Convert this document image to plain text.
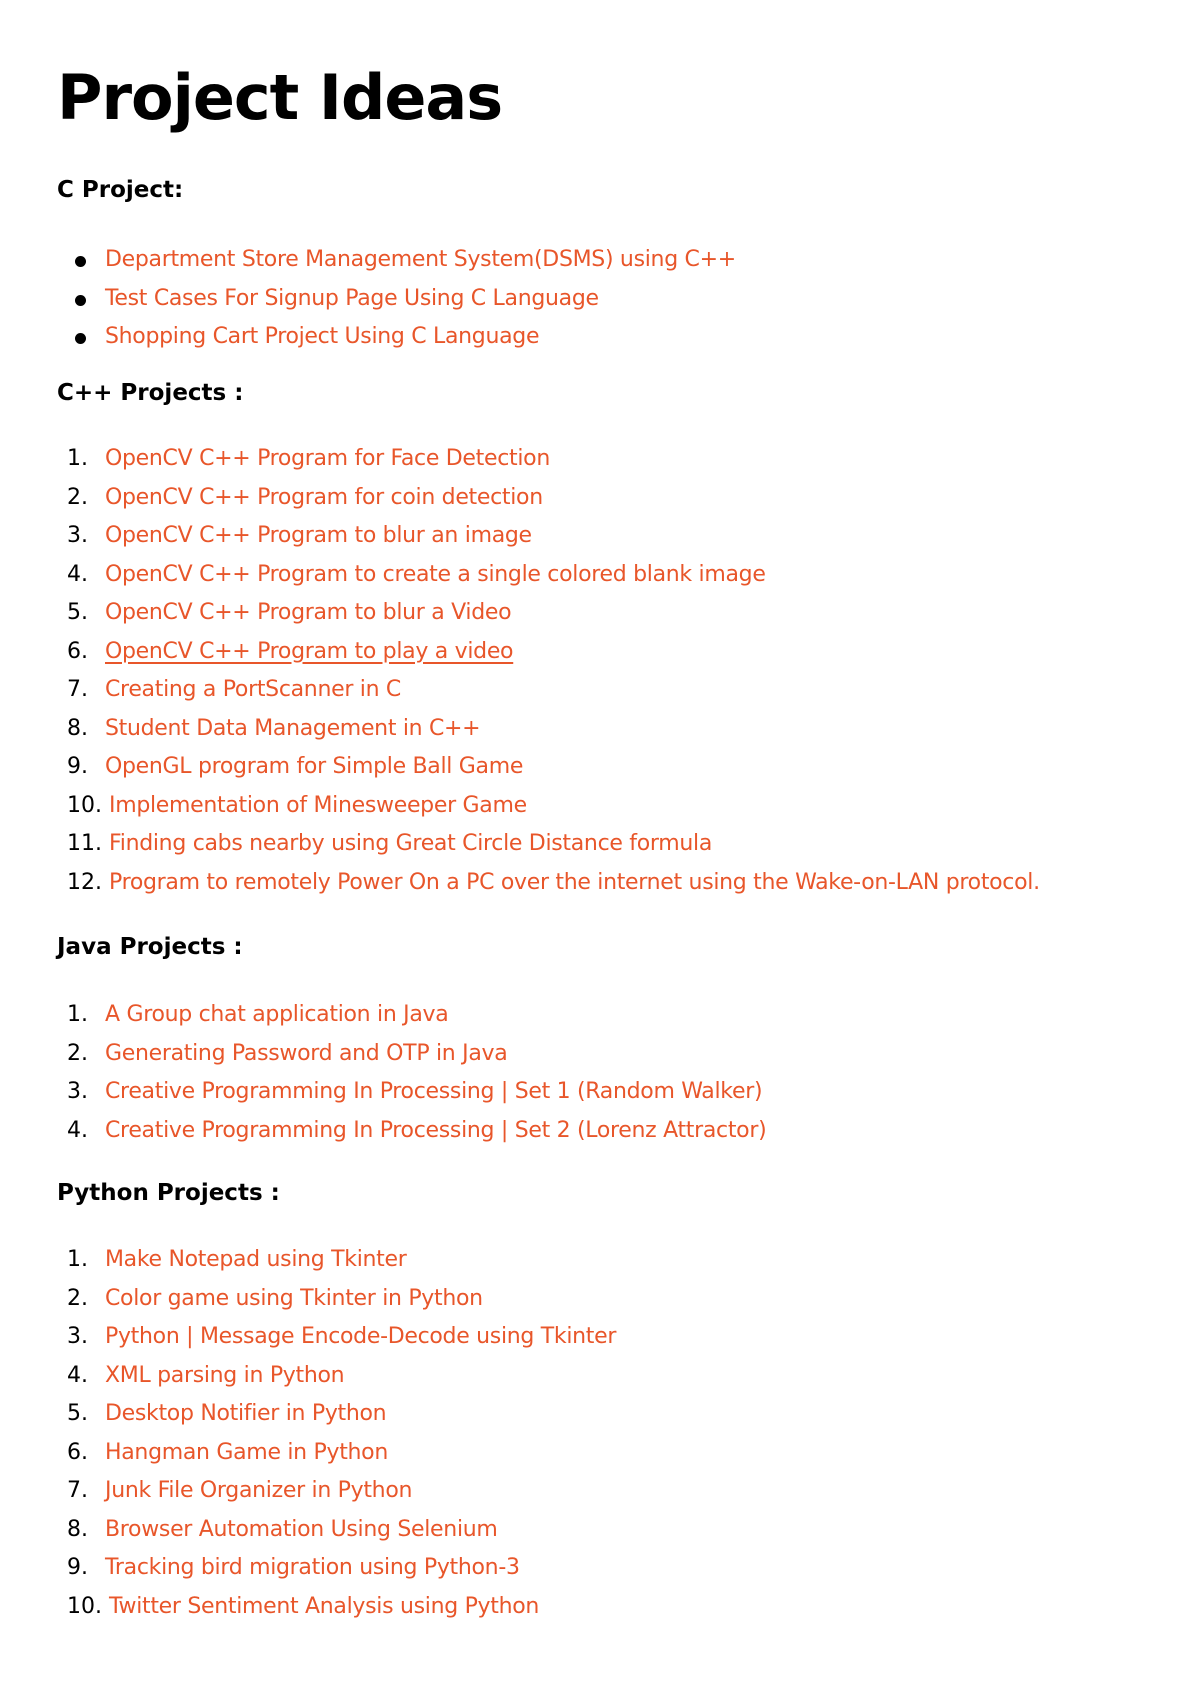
Project Ideas
C Project:
Department Store Management System(DSMS) using C++
Test Cases For Signup Page Using C Language
Shopping Cart Project Using C Language
C++ Projects :
1. OpenCV C++ Program for Face Detection
2. OpenCV C++ Program for coin detection
3. OpenCV C++ Program to blur an image
4. OpenCV C++ Program to create a single colored blank image
5. OpenCV C++ Program to blur a Video
6. OpenCV C++ Program to play a video
7. Creating a PortScanner in C
8. Student Data Management in C++
9. OpenGL program for Simple Ball Game
10. Implementation of Minesweeper Game
11. Finding cabs nearby using Great Circle Distance formula
12. Program to remotely Power On a PC over the internet using the Wake-on-LAN protocol.
Java Projects :
1. A Group chat application in Java
2. Generating Password and OTP in Java
3. Creative Programming In Processing | Set 1 (Random Walker)
4. Creative Programming In Processing | Set 2 (Lorenz Attractor)
Python Projects :
1. Make Notepad using Tkinter
2. Color game using Tkinter in Python
3. Python | Message Encode-Decode using Tkinter
4. XML parsing in Python
5. Desktop Notifier in Python
6. Hangman Game in Python
7. Junk File Organizer in Python
8. Browser Automation Using Selenium
9. Tracking bird migration using Python-3
10. Twitter Sentiment Analysis using Python
